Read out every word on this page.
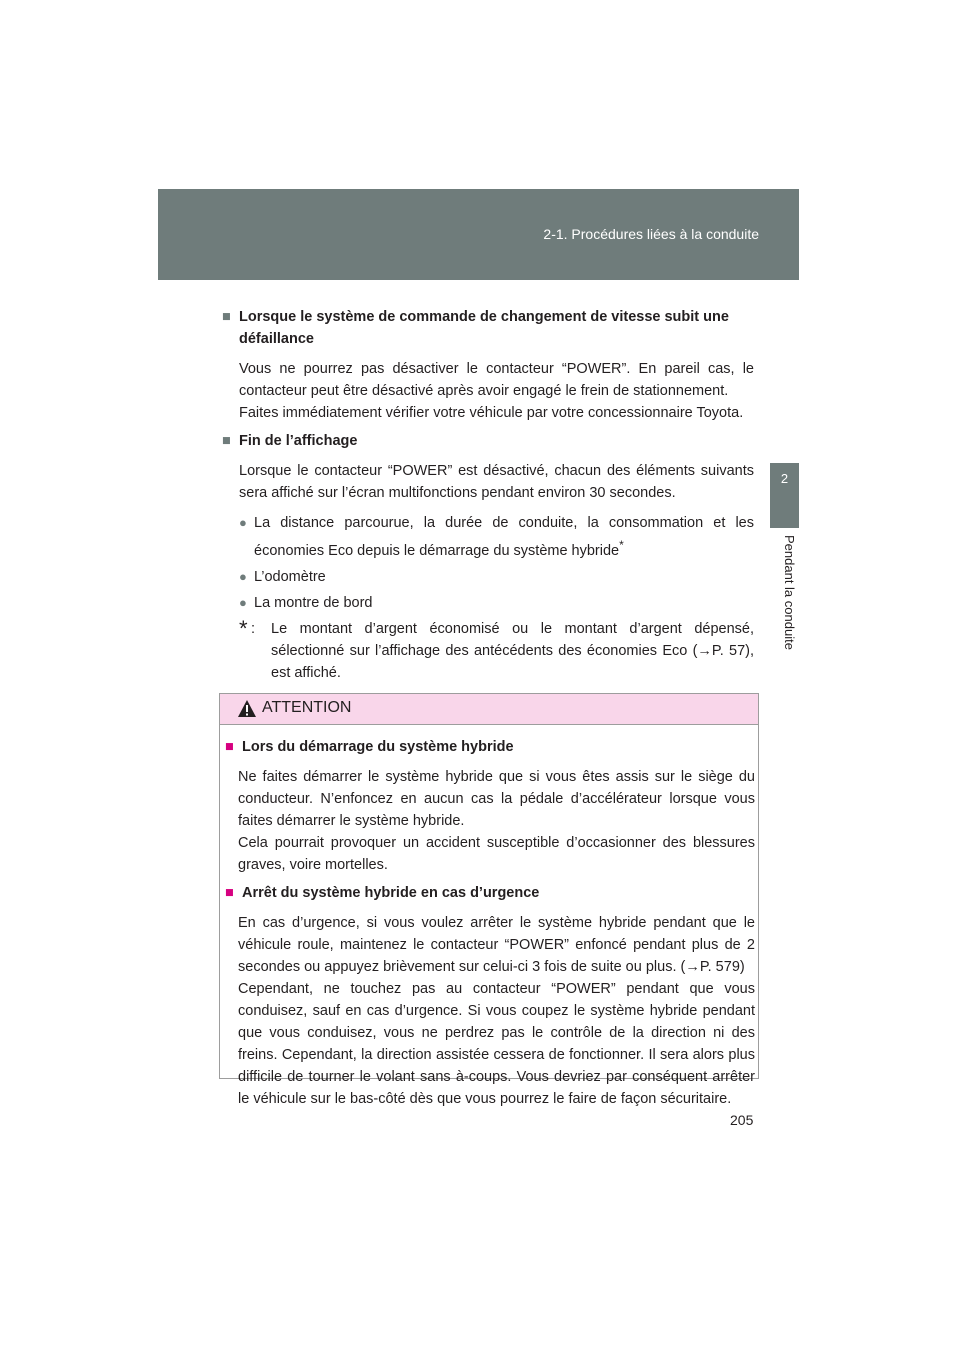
2-1. Procédures liées à la conduite
2
Pendant la conduite
■ Lorsque le système de commande de changement de vitesse subit une défaillance
Vous ne pourrez pas désactiver le contacteur “POWER”. En pareil cas, le contacteur peut être désactivé après avoir engagé le frein de stationnement.
Faites immédiatement vérifier votre véhicule par votre concessionnaire Toyota.
■ Fin de l’affichage
Lorsque le contacteur “POWER” est désactivé, chacun des éléments suivants sera affiché sur l’écran multifonctions pendant environ 30 secondes.
● La distance parcourue, la durée de conduite, la consommation et les économies Eco depuis le démarrage du système hybride*
● L’odomètre
● La montre de bord
* :	Le montant d’argent économisé ou le montant d’argent dépensé, sélectionné sur l’affichage des antécédents des économies Eco (→P. 57), est affiché.
ATTENTION
■ Lors du démarrage du système hybride
Ne faites démarrer le système hybride que si vous êtes assis sur le siège du conducteur. N’enfoncez en aucun cas la pédale d’accélérateur lorsque vous faites démarrer le système hybride.
Cela pourrait provoquer un accident susceptible d’occasionner des blessures graves, voire mortelles.
■ Arrêt du système hybride en cas d’urgence
En cas d’urgence, si vous voulez arrêter le système hybride pendant que le véhicule roule, maintenez le contacteur “POWER” enfoncé pendant plus de 2 secondes ou appuyez brièvement sur celui-ci 3 fois de suite ou plus. (→P. 579)
Cependant, ne touchez pas au contacteur “POWER” pendant que vous conduisez, sauf en cas d’urgence. Si vous coupez le système hybride pendant que vous conduisez, vous ne perdrez pas le contrôle de la direction ni des freins. Cependant, la direction assistée cessera de fonctionner. Il sera alors plus difficile de tourner le volant sans à-coups. Vous devriez par conséquent arrêter le véhicule sur le bas-côté dès que vous pourrez le faire de façon sécuritaire.
205
